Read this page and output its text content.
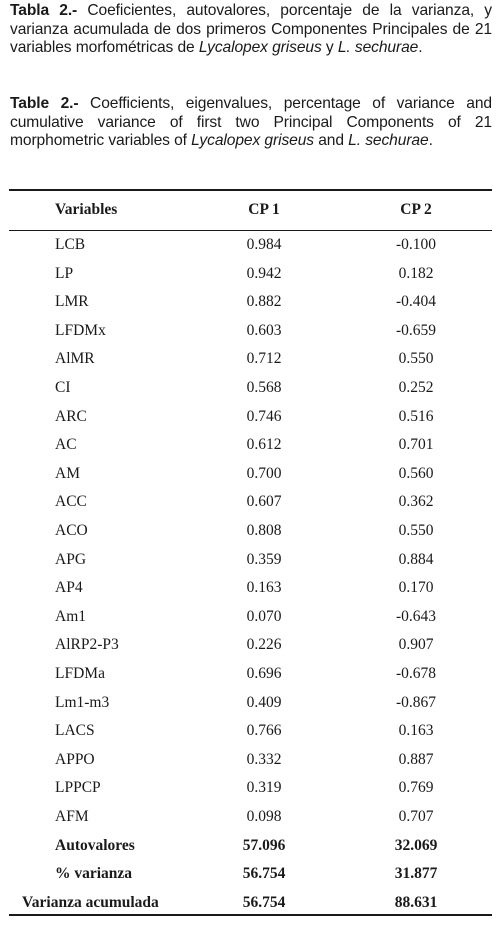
Tabla 2.- Coeficientes, autovalores, porcentaje de la varianza, y varianza acumulada de dos primeros Componentes Principales de 21 variables morfométricas de Lycalopex griseus y L. sechurae.
Table 2.- Coefficients, eigenvalues, percentage of variance and cumulative variance of first two Principal Components of 21 morphometric variables of Lycalopex griseus and L. sechurae.
Variables	CP 1	CP 2
LCB	0.984	-0.100
LP	0.942	0.182
LMR	0.882	-0.404
LFDMx	0.603	-0.659
AlMR	0.712	0.550
CI	0.568	0.252
ARC	0.746	0.516
AC	0.612	0.701
AM	0.700	0.560
ACC	0.607	0.362
ACO	0.808	0.550
APG	0.359	0.884
AP4	0.163	0.170
Am1	0.070	-0.643
AlRP2-P3	0.226	0.907
LFDMa	0.696	-0.678
Lm1-m3	0.409	-0.867
LACS	0.766	0.163
APPO	0.332	0.887
LPPCP	0.319	0.769
AFM	0.098	0.707
Autovalores	57.096	32.069
% varianza	56.754	31.877
Varianza acumulada	56.754	88.631
